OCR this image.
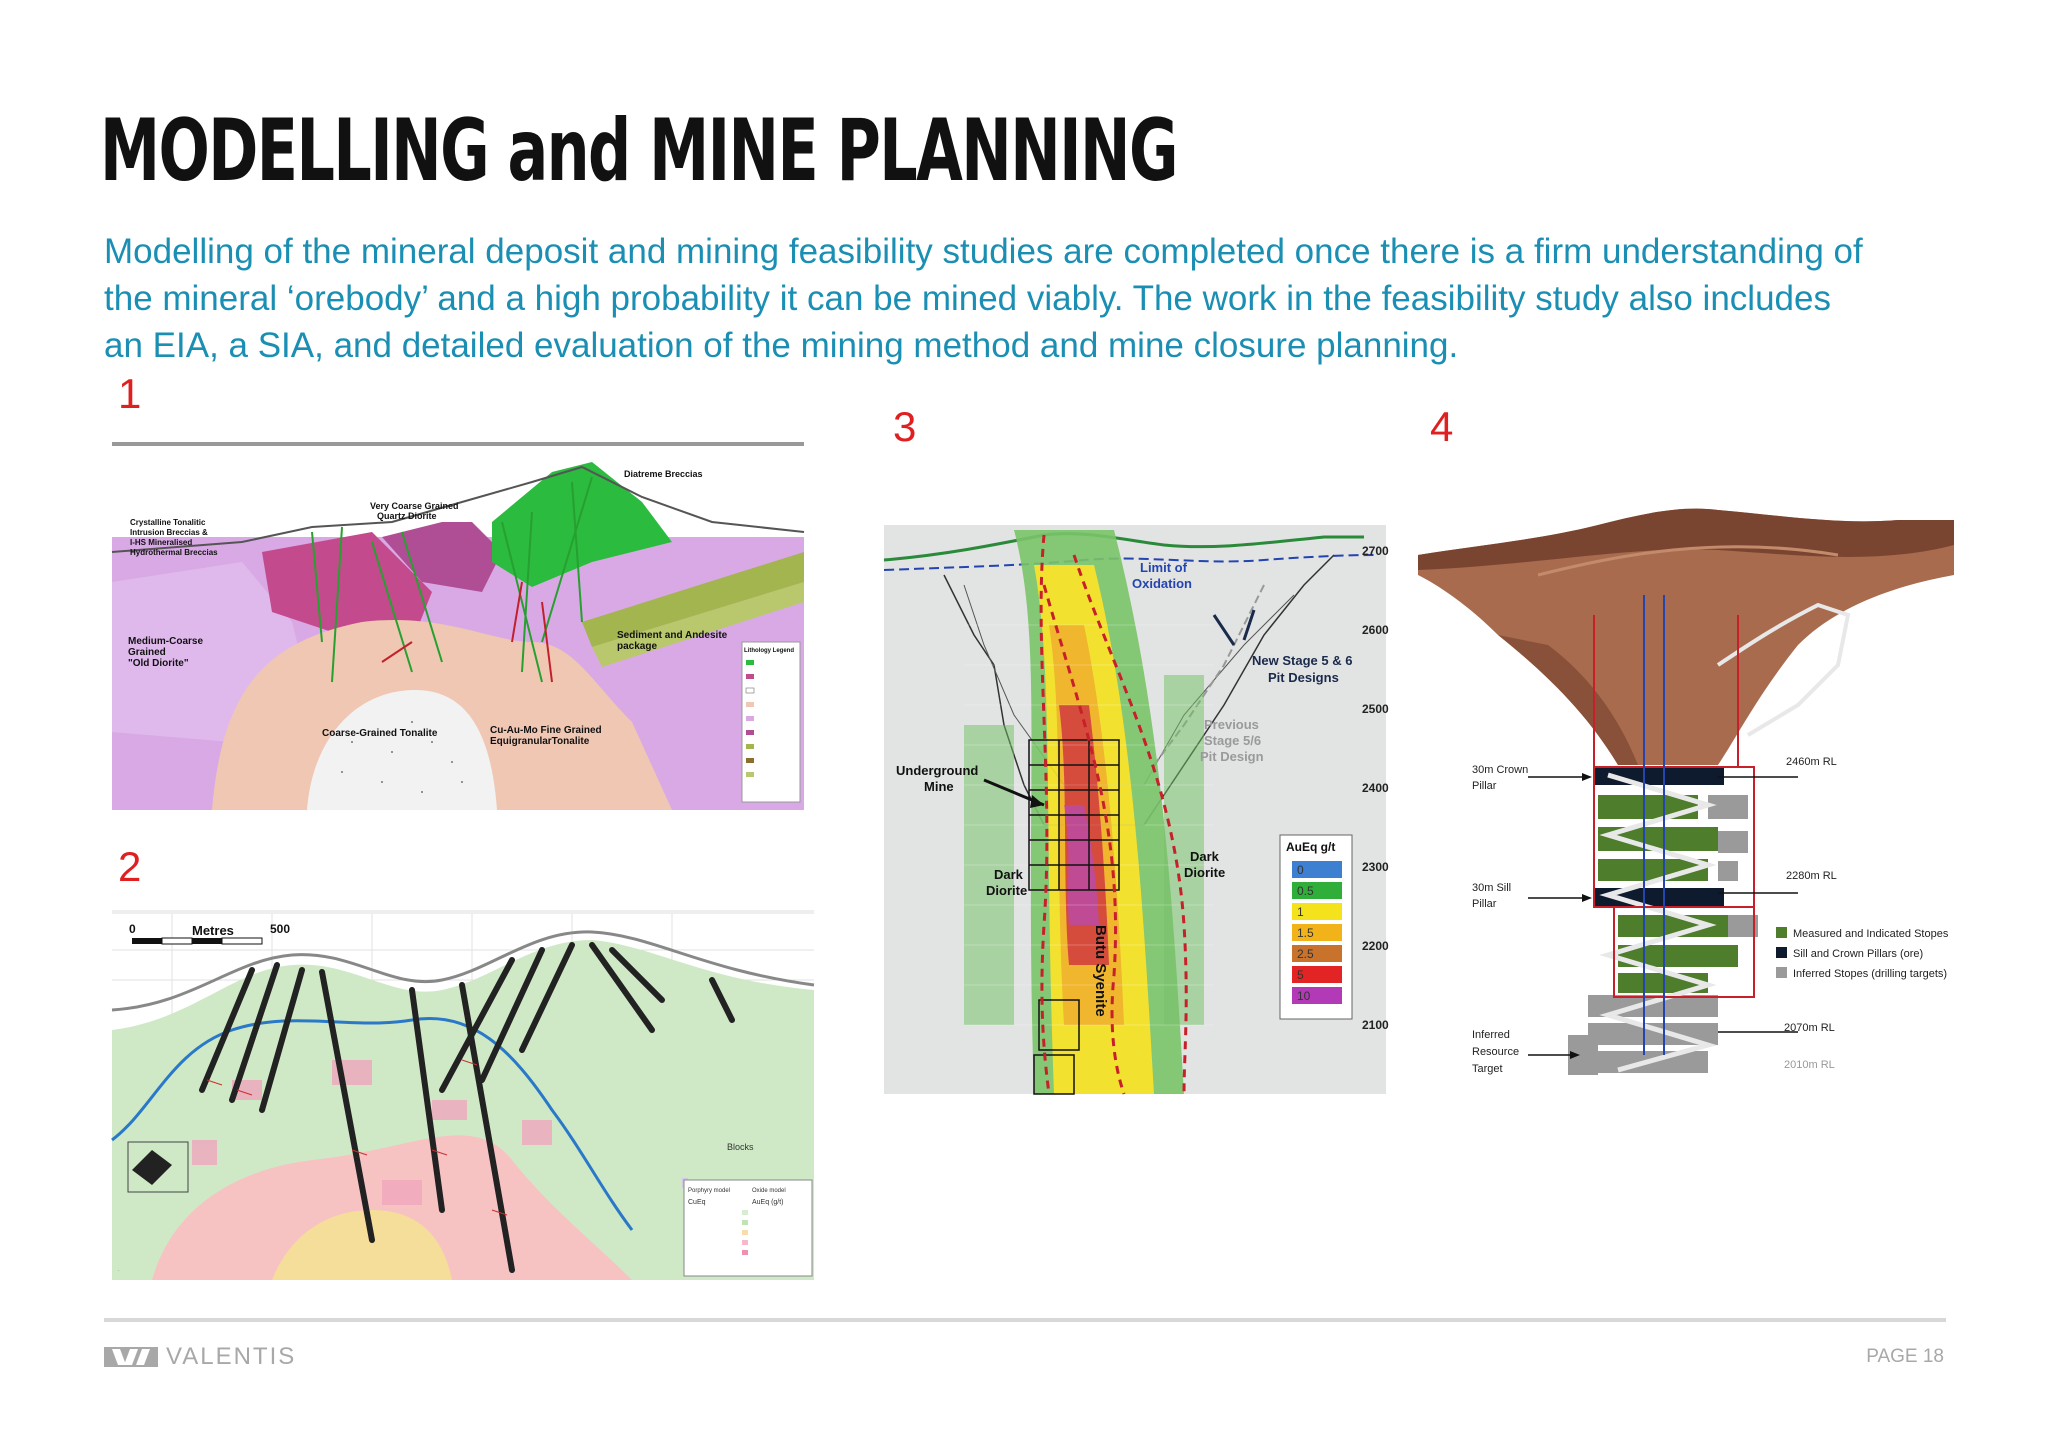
MODELLING and MINE PLANNING
Modelling of the mineral deposit and mining feasibility studies are completed once there is a firm understanding of
the mineral ‘orebody’ and a high probability it can be mined viably. The work in the feasibility study also includes
an EIA, a SIA, and detailed evaluation of the mining method and mine closure planning.
1
2
3	4
Lithology Legend
Diatreme Breccias
Very Coarse Grained
Quartz Diorite
Crystalline Tonalitic
Intrusion Breccias &
I-HS Mineralised
Hydrothermal Breccias
Sediment and Andesite
package
Medium-Coarse
Grained
"Old Diorite"
Coarse-Grained Tonalite	Cu-Au-Mo Fine Grained
EquigranularTonalite
0	Metres	500
Blocks
Porphyry model	Oxide model
CuEq	AuEq (g/t)
·
AuEq g/t
0
0.5
1
1.5
2.5
5
10
Limit of
Oxidation
New Stage 5 & 6
Pit Designs
Previous
Stage 5/6
Pit Design
Underground
Mine
Dark
Diorite
Dark
Diorite
Butu Syenite
2700
2600
2500
2400
2300
2200
2100
30m Crown
Pillar
30m Sill
Pillar
Inferred
Resource
Target
2460m RL
2280m RL
2070m RL
2010m RL
Measured and Indicated Stopes
Sill and Crown Pillars (ore)
Inferred Stopes (drilling targets)
VALENTIS	PAGE 18
